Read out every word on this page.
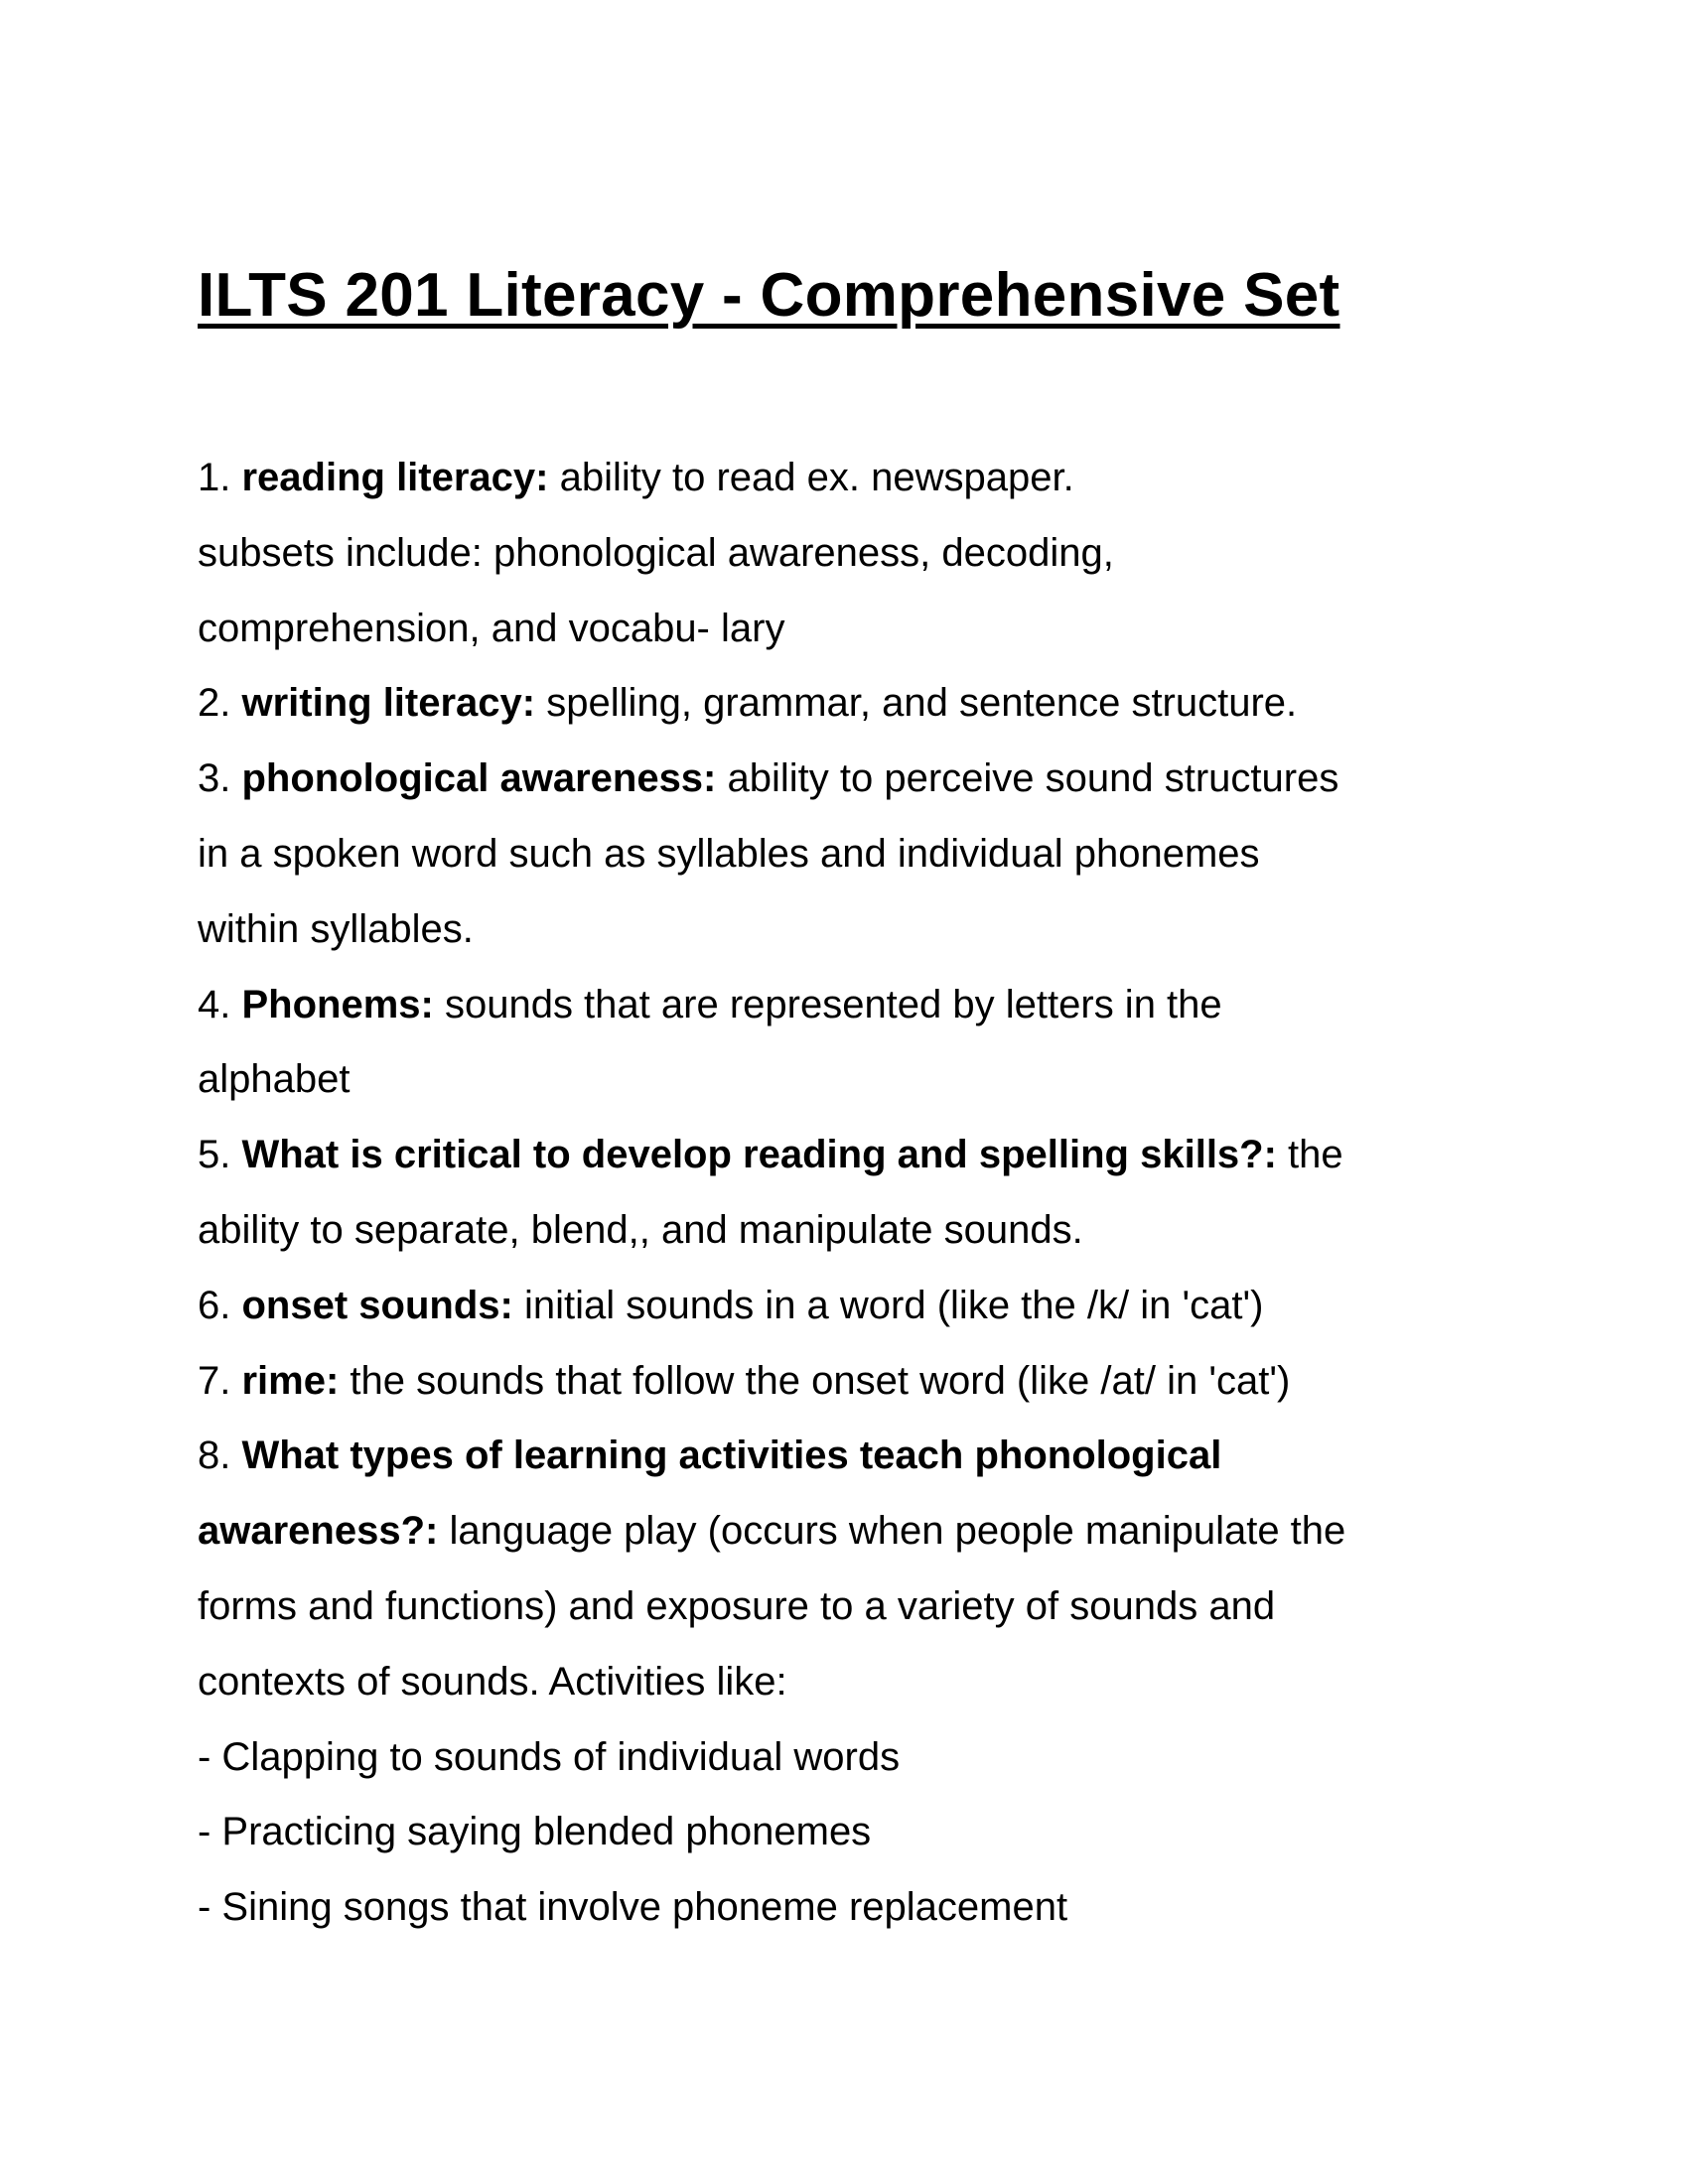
ILTS 201 Literacy - Comprehensive Set
1. reading literacy: ability to read ex. newspaper.
subsets include: phonological awareness, decoding,
comprehension, and vocabu- lary
2. writing literacy: spelling, grammar, and sentence structure.
3. phonological awareness: ability to perceive sound structures
in a spoken word such as syllables and individual phonemes
within syllables.
4. Phonems: sounds that are represented by letters in the
alphabet
5. What is critical to develop reading and spelling skills?: the
ability to separate, blend,, and manipulate sounds.
6. onset sounds: initial sounds in a word (like the /k/ in 'cat')
7. rime: the sounds that follow the onset word (like /at/ in 'cat')
8. What types of learning activities teach phonological
awareness?: language play (occurs when people manipulate the
forms and functions) and exposure to a variety of sounds and
contexts of sounds. Activities like:
- Clapping to sounds of individual words
- Practicing saying blended phonemes
- Sining songs that involve phoneme replacement
